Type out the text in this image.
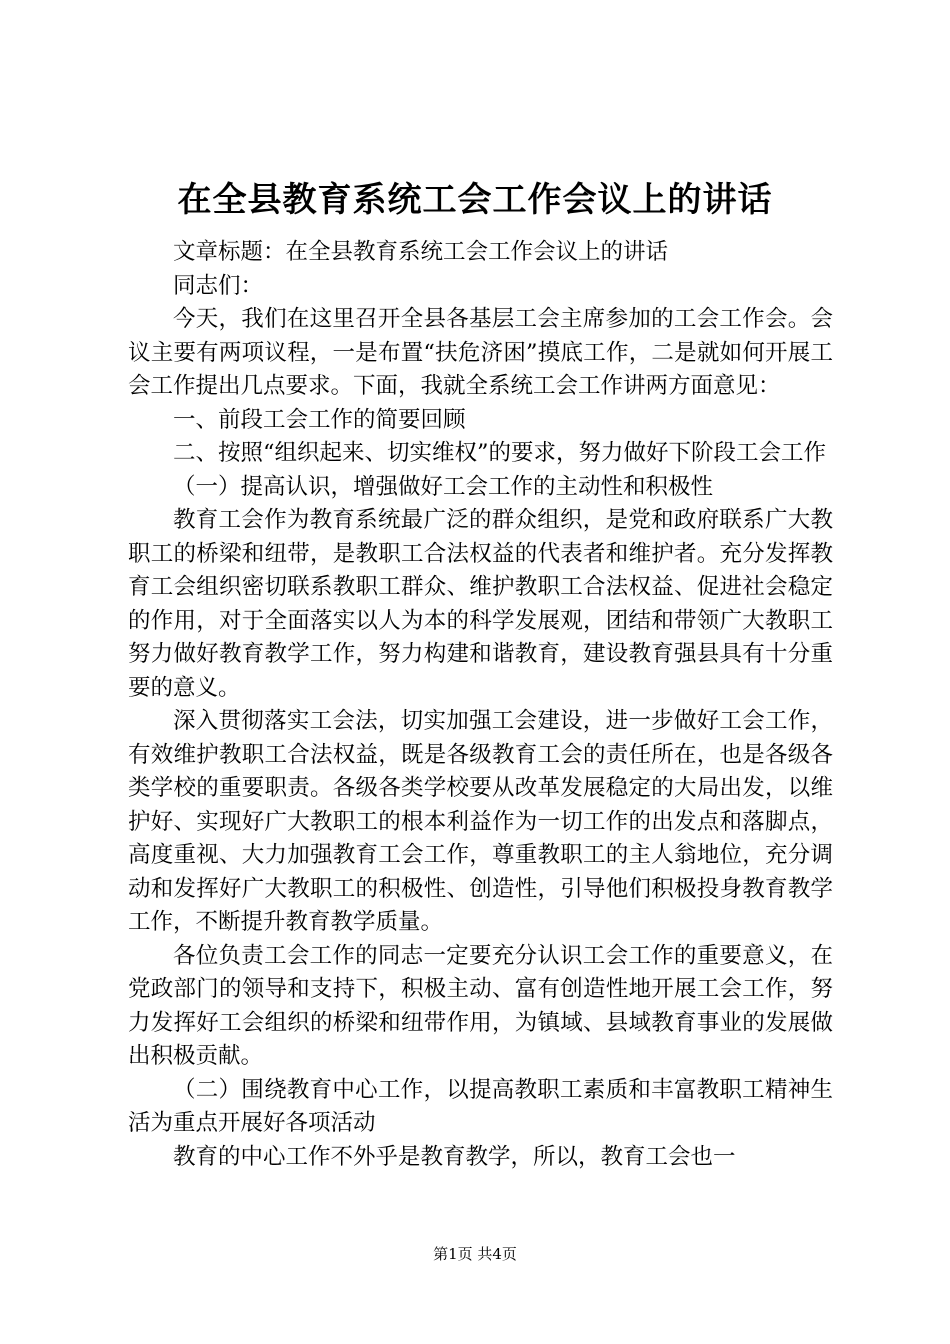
在全县教育系统工会工作会议上的讲话

文章标题：在全县教育系统工会工作会议上的讲话

同志们：

今天，我们在这里召开全县各基层工会主席参加的工会工作会。会议主要有两项议程，一是布置“扶危济困”摸底工作，二是就如何开展工会工作提出几点要求。下面，我就全系统工会工作讲两方面意见：

一、前段工会工作的简要回顾

二、按照“组织起来、切实维权”的要求，努力做好下阶段工会工作

（一）提高认识，增强做好工会工作的主动性和积极性

教育工会作为教育系统最广泛的群众组织，是党和政府联系广大教职工的桥梁和纽带，是教职工合法权益的代表者和维护者。充分发挥教育工会组织密切联系教职工群众、维护教职工合法权益、促进社会稳定的作用，对于全面落实以人为本的科学发展观，团结和带领广大教职工努力做好教育教学工作，努力构建和谐教育，建设教育强县具有十分重要的意义。

深入贯彻落实工会法，切实加强工会建设，进一步做好工会工作，有效维护教职工合法权益，既是各级教育工会的责任所在，也是各级各类学校的重要职责。各级各类学校要从改革发展稳定的大局出发，以维护好、实现好广大教职工的根本利益作为一切工作的出发点和落脚点，高度重视、大力加强教育工会工作，尊重教职工的主人翁地位，充分调动和发挥好广大教职工的积极性、创造性，引导他们积极投身教育教学工作，不断提升教育教学质量。

各位负责工会工作的同志一定要充分认识工会工作的重要意义，在党政部门的领导和支持下，积极主动、富有创造性地开展工会工作，努力发挥好工会组织的桥梁和纽带作用，为镇域、县域教育事业的发展做出积极贡献。

（二）围绕教育中心工作，以提高教职工素质和丰富教职工精神生活为重点开展好各项活动

教育的中心工作不外乎是教育教学，所以，教育工会也一

第1页 共4页
